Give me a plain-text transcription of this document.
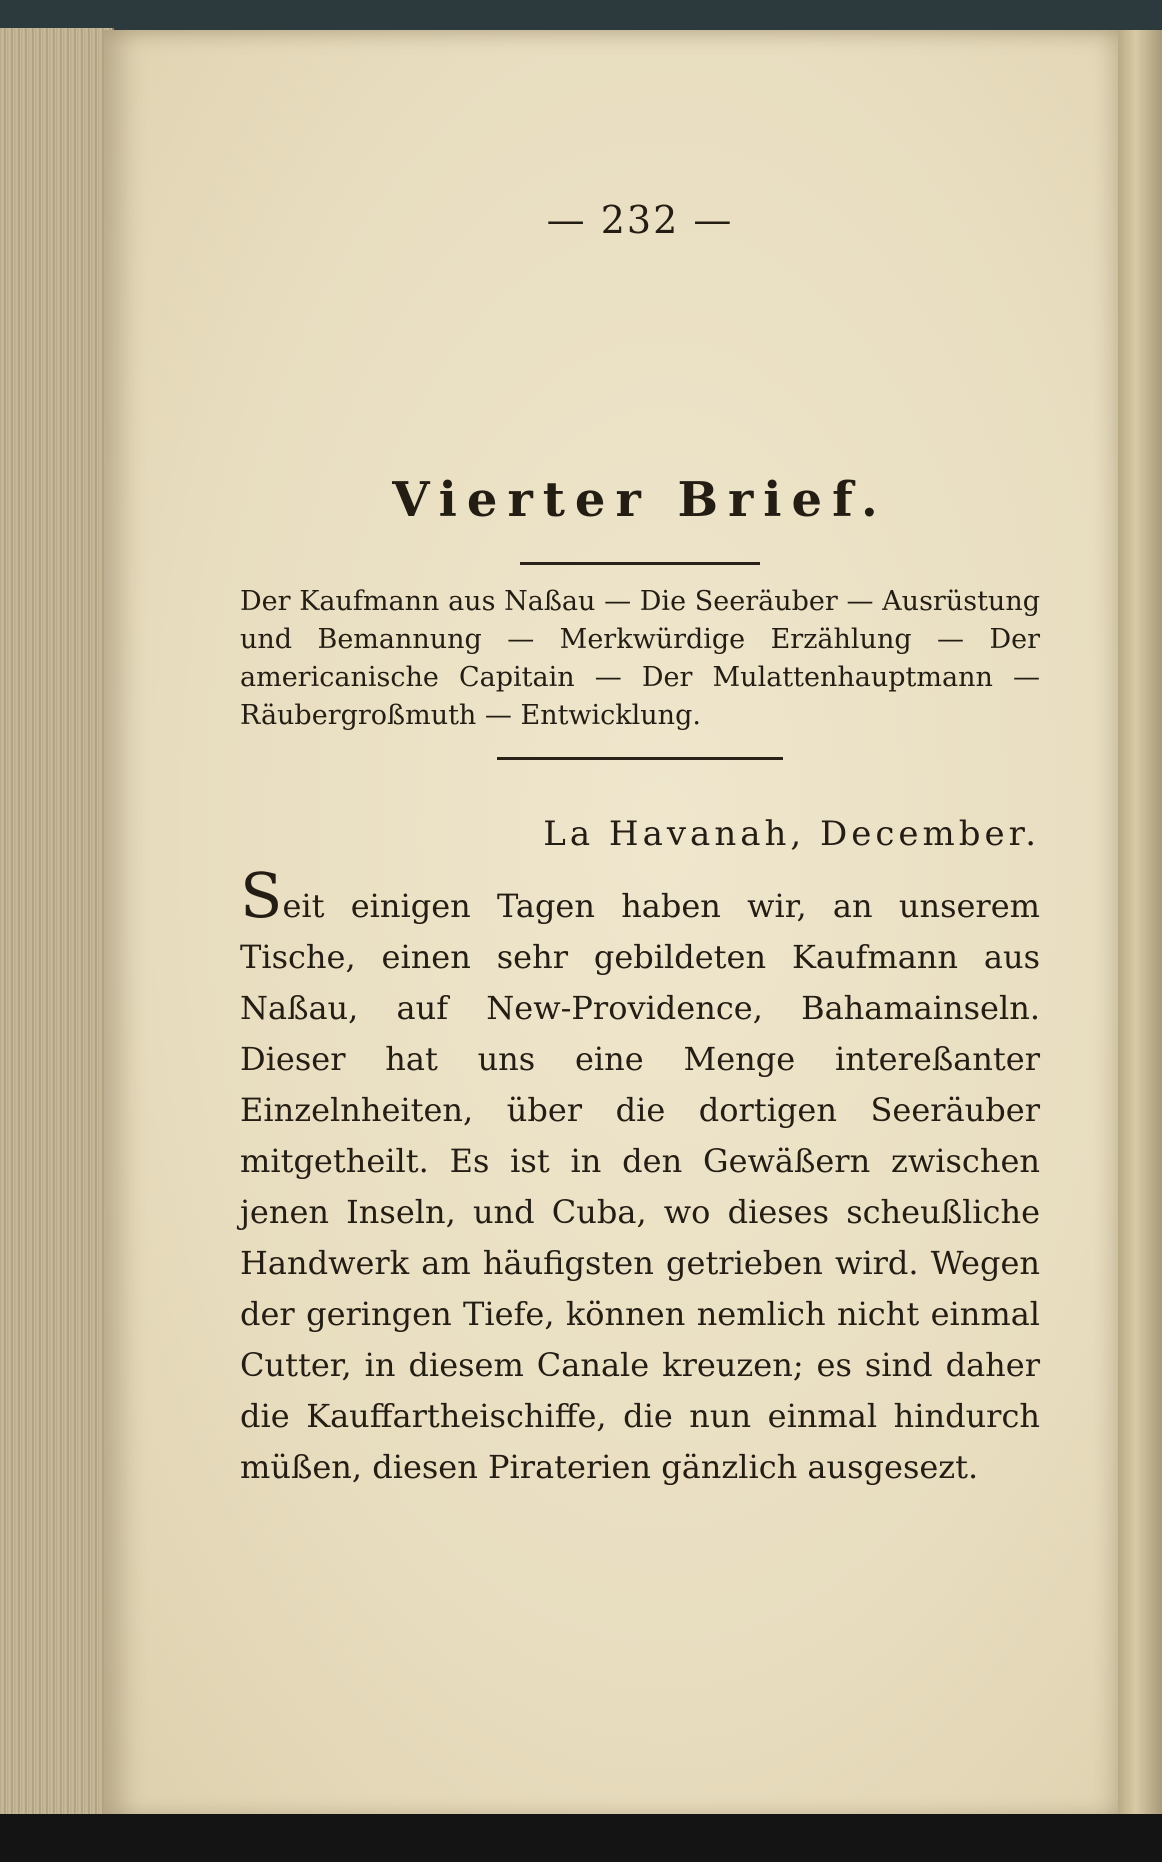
— 232 —
Vierter Brief.

Der Kaufmann aus Naßau — Die Seeräuber — Ausrüstung und Bemannung — Merkwürdige Erzählung — Der americanische Capitain — Der Mulattenhauptmann — Räubergroßmuth — Entwicklung.

La Havanah, December.

Seit einigen Tagen haben wir, an unserem Tische, einen sehr gebildeten Kaufmann aus Naßau, auf New-Providence, Bahamainseln. Dieser hat uns eine Menge intereßanter Einzelnheiten, über die dortigen Seeräuber mitgetheilt. Es ist in den Gewäßern zwischen jenen Inseln, und Cuba, wo dieses scheußliche Handwerk am häufigsten getrieben wird. Wegen der geringen Tiefe, können nemlich nicht einmal Cutter, in diesem Canale kreuzen; es sind daher die Kauffartheischiffe, die nun einmal hindurch müßen, diesen Piraterien gänzlich ausgesezt.
